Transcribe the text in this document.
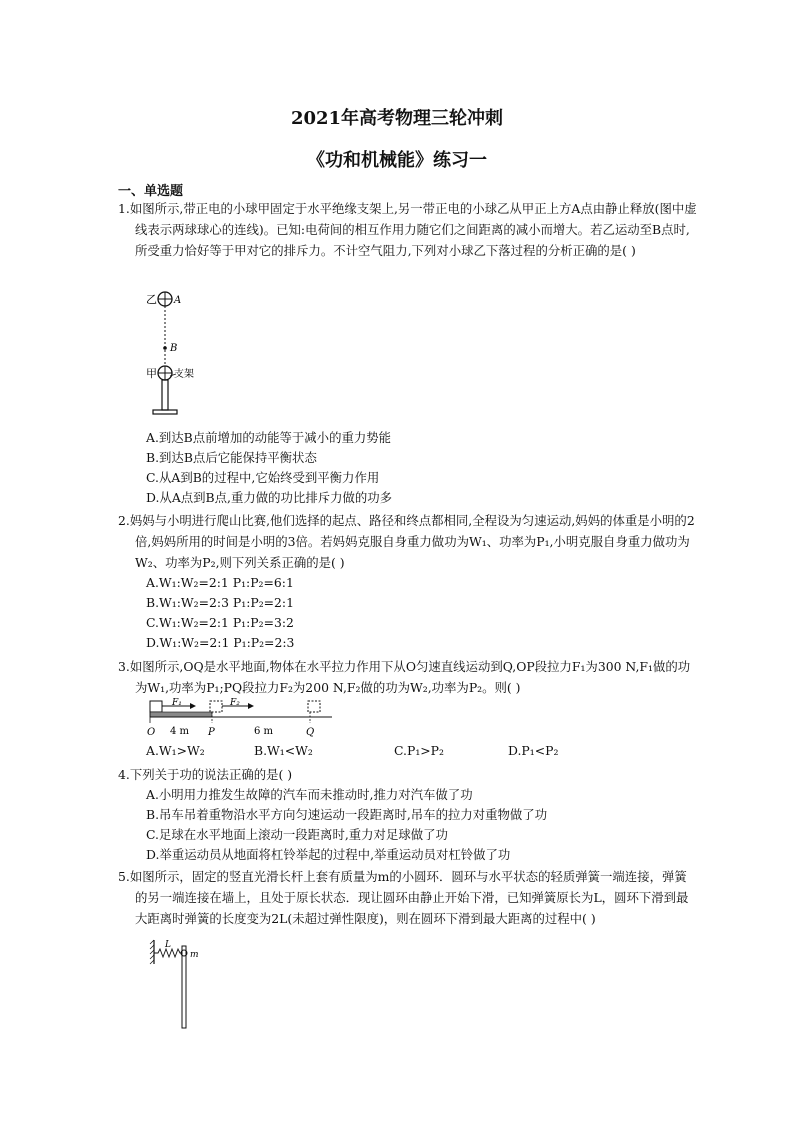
2021年高考物理三轮冲刺
《功和机械能》练习一
一、单选题
1.如图所示,带正电的小球甲固定于水平绝缘支架上,另一带正电的小球乙从甲正上方A点由静止释放(图中虚线表示两球球心的连线)。已知:电荷间的相互作用力随它们之间距离的减小而增大。若乙运动至B点时,所受重力恰好等于甲对它的排斥力。不计空气阻力,下列对小球乙下落过程的分析正确的是( )
乙 A
B
甲 支架
A.到达B点前增加的动能等于减小的重力势能
B.到达B点后它能保持平衡状态
C.从A到B的过程中,它始终受到平衡力作用
D.从A点到B点,重力做的功比排斥力做的功多
2.妈妈与小明进行爬山比赛,他们选择的起点、路径和终点都相同,全程设为匀速运动,妈妈的体重是小明的2倍,妈妈所用的时间是小明的3倍。若妈妈克服自身重力做功为W₁、功率为P₁,小明克服自身重力做功为W₂、功率为P₂,则下列关系正确的是( )
A.W₁:W₂=2:1 P₁:P₂=6:1
B.W₁:W₂=2:3 P₁:P₂=2:1
C.W₁:W₂=2:1 P₁:P₂=3:2
D.W₁:W₂=2:1 P₁:P₂=2:3
3.如图所示,OQ是水平地面,物体在水平拉力作用下从O匀速直线运动到Q,OP段拉力F₁为300 N,F₁做的功为W₁,功率为P₁;PQ段拉力F₂为200 N,F₂做的功为W₂,功率为P₂。则( )
F₁	F₂
O 4 m P	6 m	Q
A.W₁>W₂	B.W₁<W₂	C.P₁>P₂	D.P₁<P₂
4.下列关于功的说法正确的是( )
A.小明用力推发生故障的汽车而未推动时,推力对汽车做了功
B.吊车吊着重物沿水平方向匀速运动一段距离时,吊车的拉力对重物做了功
C.足球在水平地面上滚动一段距离时,重力对足球做了功
D.举重运动员从地面将杠铃举起的过程中,举重运动员对杠铃做了功
5.如图所示，固定的竖直光滑长杆上套有质量为m的小圆环．圆环与水平状态的轻质弹簧一端连接，弹簧的另一端连接在墙上，且处于原长状态．现让圆环由静止开始下滑，已知弹簧原长为L，圆环下滑到最大距离时弹簧的长度变为2L(未超过弹性限度)，则在圆环下滑到最大距离的过程中( )
L
m
